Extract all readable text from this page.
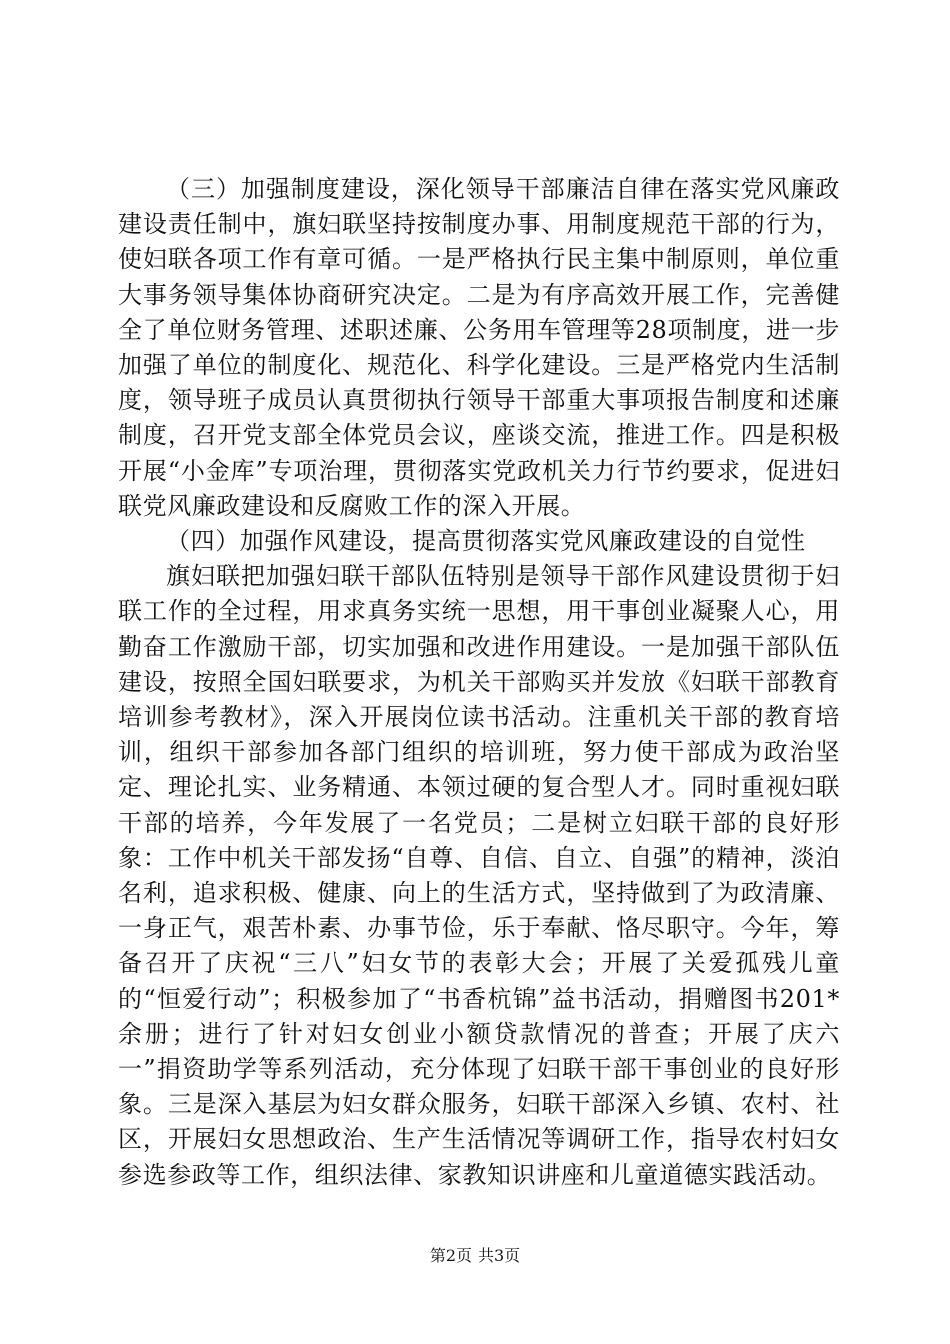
（三）加强制度建设，深化领导干部廉洁自律在落实党风廉政建设责任制中，旗妇联坚持按制度办事、用制度规范干部的行为，使妇联各项工作有章可循。一是严格执行民主集中制原则，单位重大事务领导集体协商研究决定。二是为有序高效开展工作，完善健全了单位财务管理、述职述廉、公务用车管理等28项制度，进一步加强了单位的制度化、规范化、科学化建设。三是严格党内生活制度，领导班子成员认真贯彻执行领导干部重大事项报告制度和述廉制度，召开党支部全体党员会议，座谈交流，推进工作。四是积极开展“小金库”专项治理，贯彻落实党政机关力行节约要求，促进妇联党风廉政建设和反腐败工作的深入开展。

（四）加强作风建设，提高贯彻落实党风廉政建设的自觉性

旗妇联把加强妇联干部队伍特别是领导干部作风建设贯彻于妇联工作的全过程，用求真务实统一思想，用干事创业凝聚人心，用勤奋工作激励干部，切实加强和改进作用建设。一是加强干部队伍建设，按照全国妇联要求，为机关干部购买并发放《妇联干部教育培训参考教材》，深入开展岗位读书活动。注重机关干部的教育培训，组织干部参加各部门组织的培训班，努力使干部成为政治坚定、理论扎实、业务精通、本领过硬的复合型人才。同时重视妇联干部的培养，今年发展了一名党员；二是树立妇联干部的良好形象：工作中机关干部发扬“自尊、自信、自立、自强”的精神，淡泊名利，追求积极、健康、向上的生活方式，坚持做到了为政清廉、一身正气，艰苦朴素、办事节俭，乐于奉献、恪尽职守。今年，筹备召开了庆祝“三八”妇女节的表彰大会；开展了关爱孤残儿童的“恒爱行动”；积极参加了“书香杭锦”益书活动，捐赠图书201*余册；进行了针对妇女创业小额贷款情况的普查；开展了庆六一”捐资助学等系列活动，充分体现了妇联干部干事创业的良好形象。三是深入基层为妇女群众服务，妇联干部深入乡镇、农村、社区，开展妇女思想政治、生产生活情况等调研工作，指导农村妇女参选参政等工作，组织法律、家教知识讲座和儿童道德实践活动。

第2页 共3页
